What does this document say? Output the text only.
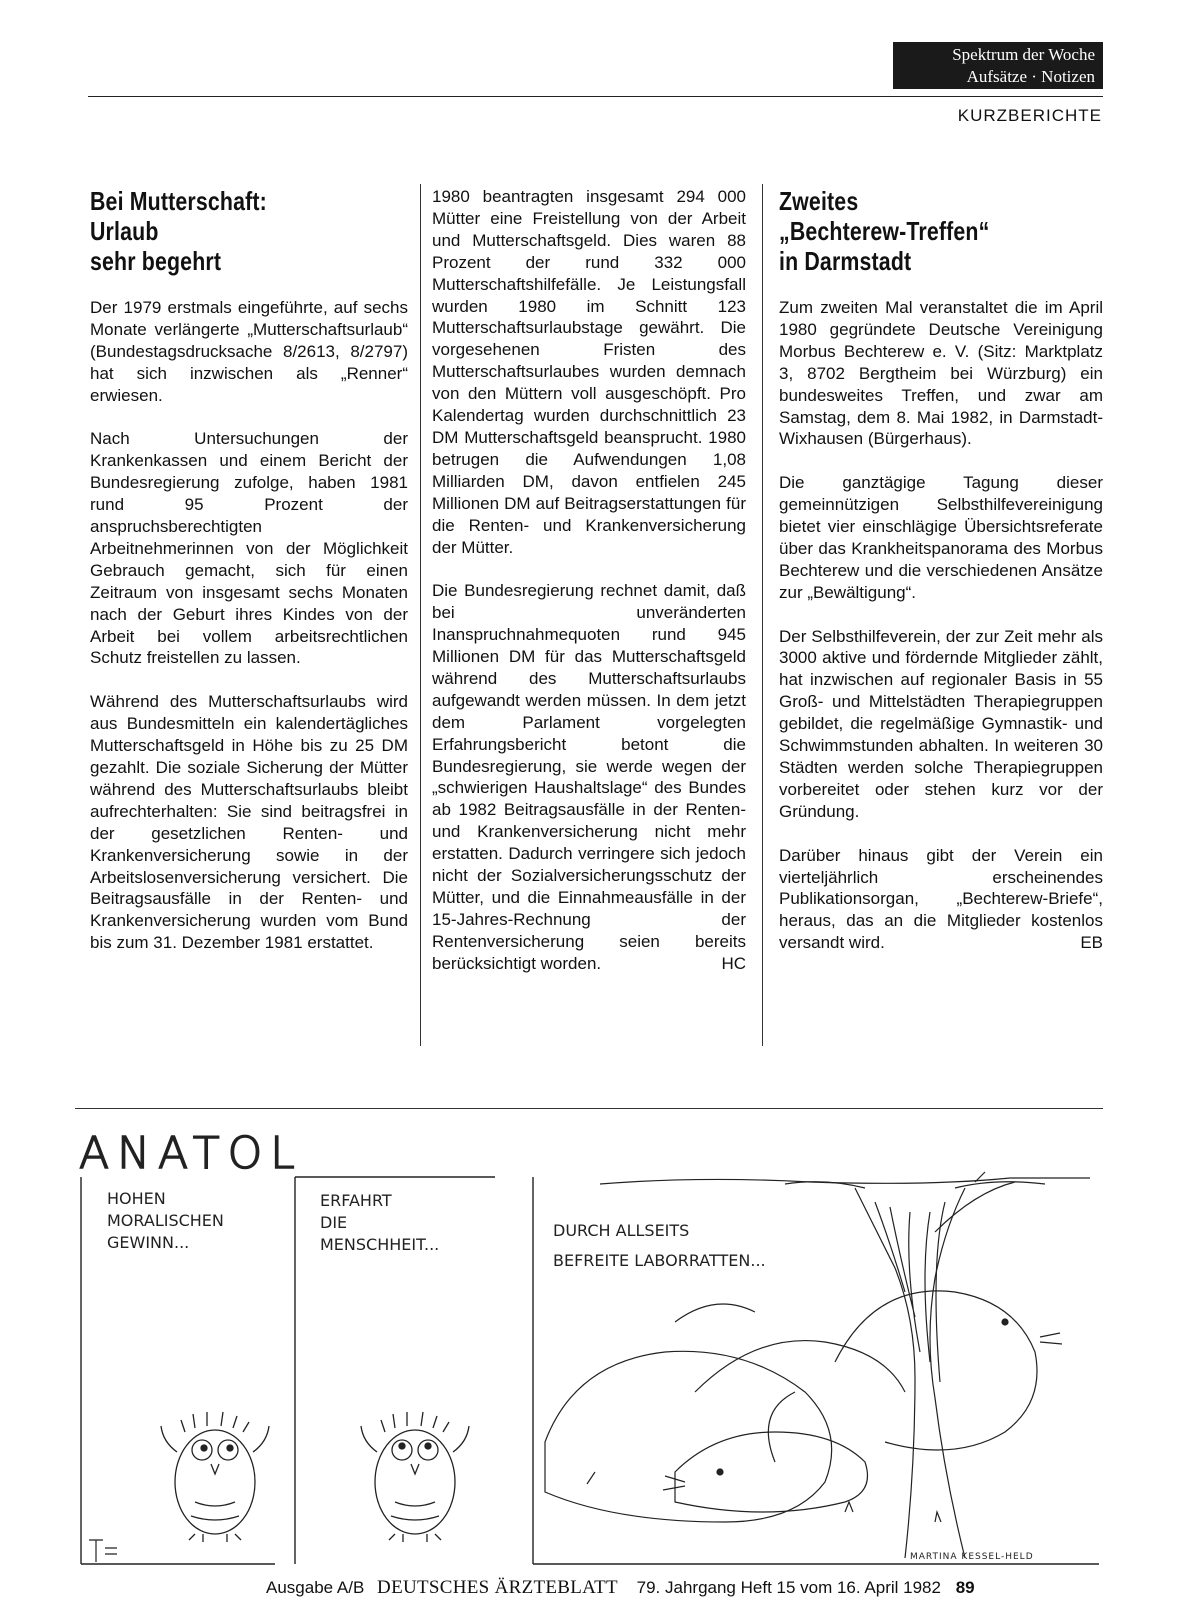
Spektrum der Woche
Aufsätze · Notizen
KURZBERICHTE
Bei Mutterschaft:
Urlaub
sehr begehrt

Der 1979 erstmals eingeführte, auf sechs Monate verlängerte „Mutterschaftsurlaub“ (Bundestagsdrucksache 8/2613, 8/2797) hat sich inzwischen als „Renner“ erwiesen.

Nach Untersuchungen der Krankenkassen und einem Bericht der Bundesregierung zufolge, haben 1981 rund 95 Prozent der anspruchsberechtigten Arbeitnehmerinnen von der Möglichkeit Gebrauch gemacht, sich für einen Zeitraum von insgesamt sechs Monaten nach der Geburt ihres Kindes von der Arbeit bei vollem arbeitsrechtlichen Schutz freistellen zu lassen.

Während des Mutterschaftsurlaubs wird aus Bundesmitteln ein kalendertägliches Mutterschaftsgeld in Höhe bis zu 25 DM gezahlt. Die soziale Sicherung der Mütter während des Mutterschaftsurlaubs bleibt aufrechterhalten: Sie sind beitragsfrei in der gesetzlichen Renten- und Krankenversicherung sowie in der Arbeitslosenversicherung versichert. Die Beitragsausfälle in der Renten- und Krankenversicherung wurden vom Bund bis zum 31. Dezember 1981 erstattet.

1980 beantragten insgesamt 294 000 Mütter eine Freistellung von der Arbeit und Mutterschaftsgeld. Dies waren 88 Prozent der rund 332 000 Mutterschaftshilfefälle. Je Leistungsfall wurden 1980 im Schnitt 123 Mutterschaftsurlaubstage gewährt. Die vorgesehenen Fristen des Mutterschaftsurlaubes wurden demnach von den Müttern voll ausgeschöpft. Pro Kalendertag wurden durchschnittlich 23 DM Mutterschaftsgeld beansprucht. 1980 betrugen die Aufwendungen 1,08 Milliarden DM, davon entfielen 245 Millionen DM auf Beitragserstattungen für die Renten- und Krankenversicherung der Mütter.

Die Bundesregierung rechnet damit, daß bei unveränderten Inanspruchnahmequoten rund 945 Millionen DM für das Mutterschaftsgeld während des Mutterschaftsurlaubs aufgewandt werden müssen. In dem jetzt dem Parlament vorgelegten Erfahrungsbericht betont die Bundesregierung, sie werde wegen der „schwierigen Haushaltslage“ des Bundes ab 1982 Beitragsausfälle in der Renten- und Krankenversicherung nicht mehr erstatten. Dadurch verringere sich jedoch nicht der Sozialversicherungsschutz der Mütter, und die Einnahmeausfälle in der 15-Jahres-Rechnung der Rentenversicherung seien bereits berücksichtigt worden.	HC

Zweites
„Bechterew-Treffen“
in Darmstadt

Zum zweiten Mal veranstaltet die im April 1980 gegründete Deutsche Vereinigung Morbus Bechterew e. V. (Sitz: Marktplatz 3, 8702 Bergtheim bei Würzburg) ein bundesweites Treffen, und zwar am Samstag, dem 8. Mai 1982, in Darmstadt-Wixhausen (Bürgerhaus).

Die ganztägige Tagung dieser gemeinnützigen Selbsthilfevereinigung bietet vier einschlägige Übersichtsreferate über das Krankheitspanorama des Morbus Bechterew und die verschiedenen Ansätze zur „Bewältigung“.

Der Selbsthilfeverein, der zur Zeit mehr als 3000 aktive und fördernde Mitglieder zählt, hat inzwischen auf regionaler Basis in 55 Groß- und Mittelstädten Therapiegruppen gebildet, die regelmäßige Gymnastik- und Schwimmstunden abhalten. In weiteren 30 Städten werden solche Therapiegruppen vorbereitet oder stehen kurz vor der Gründung.

Darüber hinaus gibt der Verein ein vierteljährlich erscheinendes Publikationsorgan, „Bechterew-Briefe“, heraus, das an die Mitglieder kostenlos versandt wird.	EB

ANATOL
HOHEN
MORALISCHEN
GEWINN...
ERFAHRT
DIE
MENSCHHEIT...
DURCH ALLSEITS
BEFREITE LABORRATTEN...
MARTINA KESSEL-HELD
Ausgabe A/B DEUTSCHES ÄRZTEBLATT 79. Jahrgang Heft 15 vom 16. April 1982 89
